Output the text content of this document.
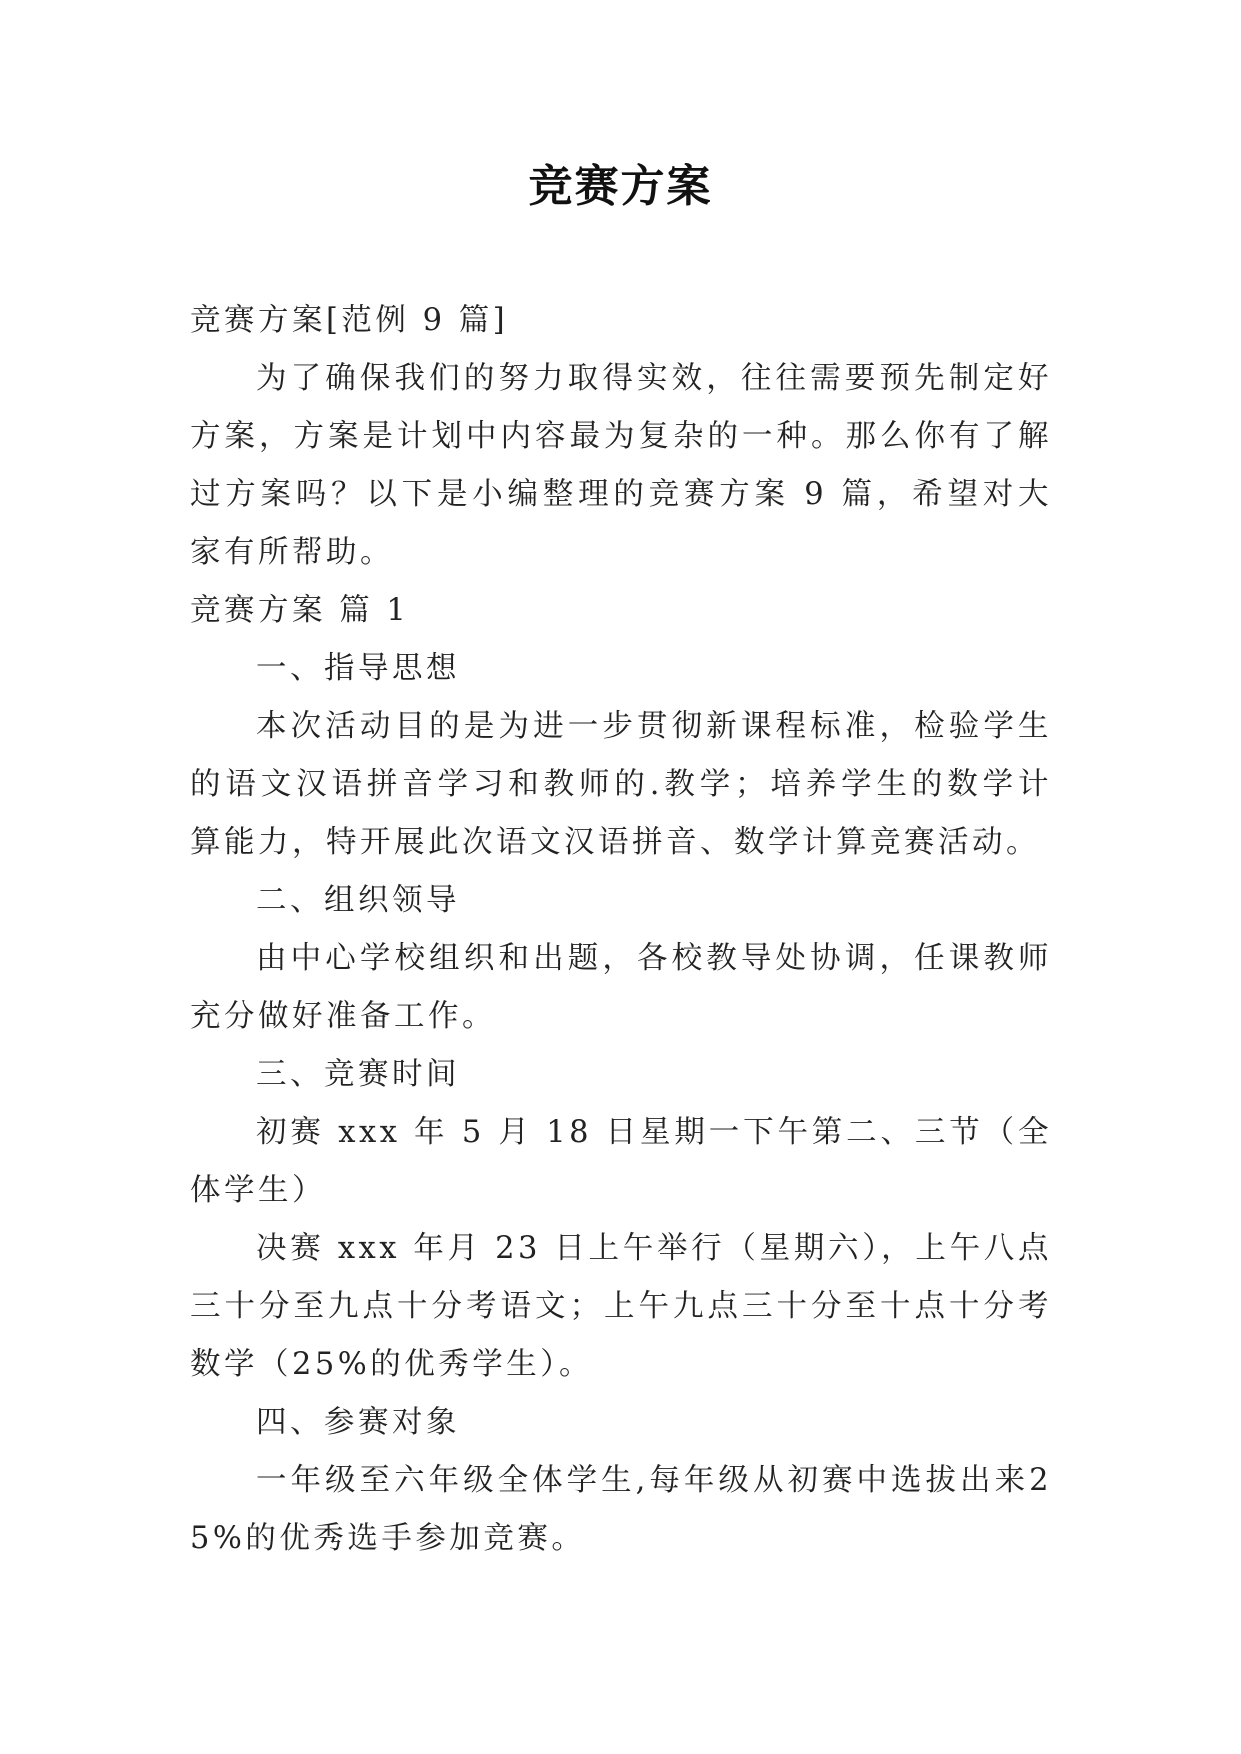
竞赛方案

竞赛方案[范例 9 篇]

为了确保我们的努力取得实效，往往需要预先制定好方案，方案是计划中内容最为复杂的一种。那么你有了解过方案吗？以下是小编整理的竞赛方案 9 篇，希望对大家有所帮助。

竞赛方案 篇 1

一、指导思想

本次活动目的是为进一步贯彻新课程标准，检验学生的语文汉语拼音学习和教师的.教学；培养学生的数学计算能力，特开展此次语文汉语拼音、数学计算竞赛活动。

二、组织领导

由中心学校组织和出题，各校教导处协调，任课教师充分做好准备工作。

三、竞赛时间

初赛 xxx 年 5 月 18 日星期一下午第二、三节（全体学生）

决赛 xxx 年月 23 日上午举行（星期六），上午八点三十分至九点十分考语文；上午九点三十分至十点十分考数学（25%的优秀学生）。

四、参赛对象

一年级至六年级全体学生,每年级从初赛中选拔出来25%的优秀选手参加竞赛。
